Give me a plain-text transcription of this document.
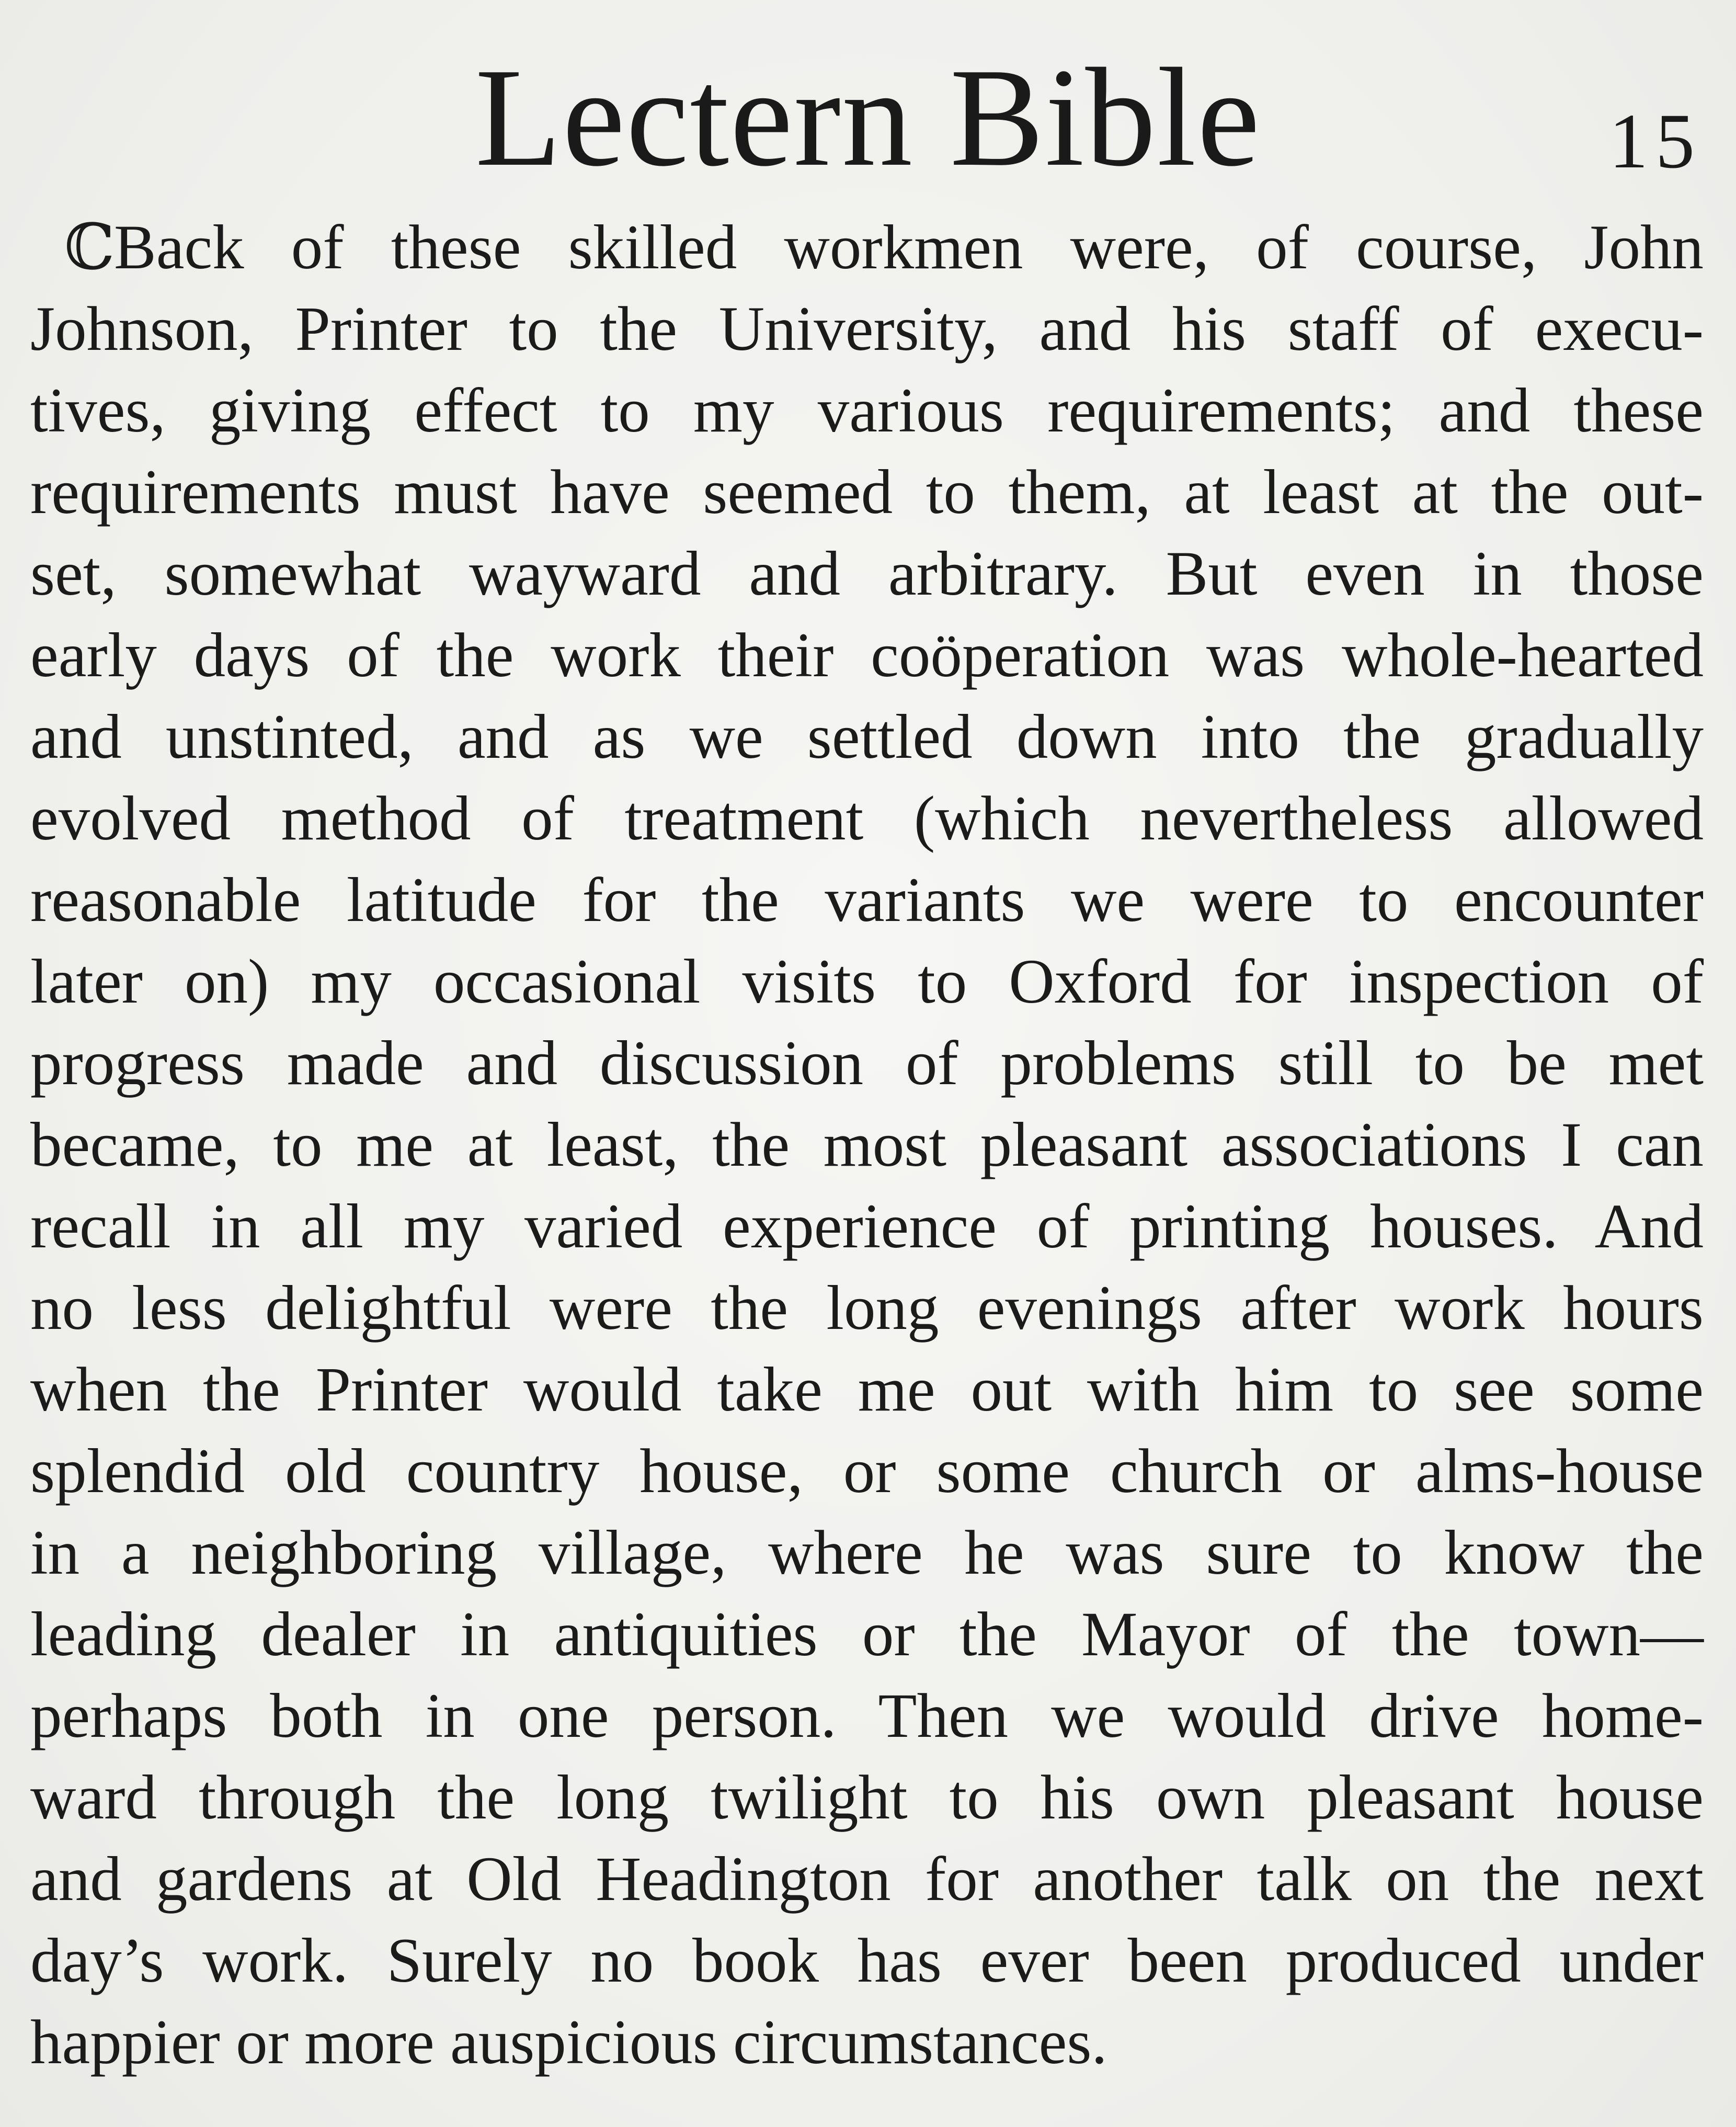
Lectern Bible	15
ℂ
Back of these skilled workmen were, of course, John
Johnson, Printer to the University, and his staff of execu-
tives, giving effect to my various requirements; and these
requirements must have seemed to them, at least at the out-
set, somewhat wayward and arbitrary. But even in those
early days of the work their coöperation was whole-hearted
and unstinted, and as we settled down into the gradually
evolved method of treatment (which nevertheless allowed
reasonable latitude for the variants we were to encounter
later on) my occasional visits to Oxford for inspection of
progress made and discussion of problems still to be met
became, to me at least, the most pleasant associations I can
recall in all my varied experience of printing houses. And
no less delightful were the long evenings after work hours
when the Printer would take me out with him to see some
splendid old country house, or some church or alms-house
in a neighboring village, where he was sure to know the
leading dealer in antiquities or the Mayor of the town—
perhaps both in one person. Then we would drive home-
ward through the long twilight to his own pleasant house
and gardens at Old Headington for another talk on the next
day’s work. Surely no book has ever been produced under
happier or more auspicious circumstances.
